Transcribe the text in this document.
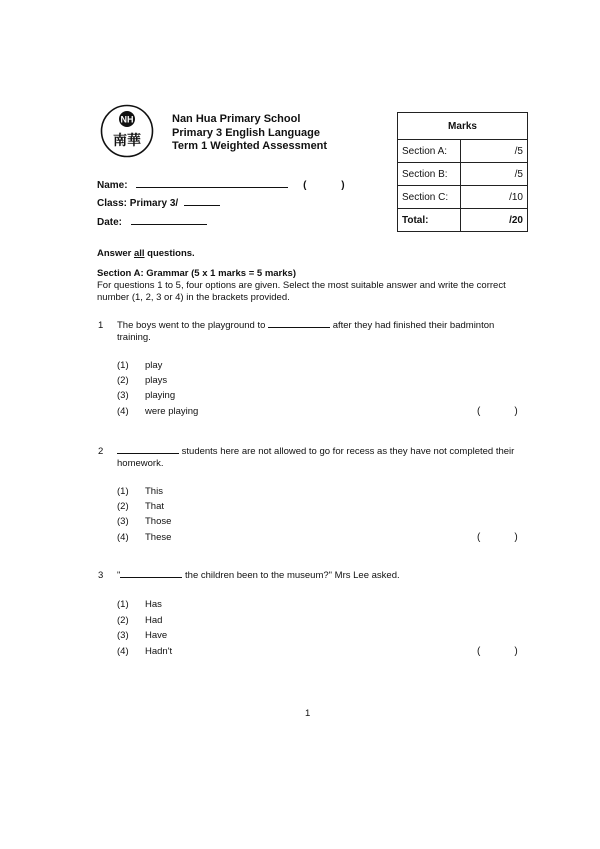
NH
南華
Nan Hua Primary School
Primary 3 English Language
Term 1 Weighted Assessment
Marks	
Section A:	/5
Section B:	/5
Section C:	/10
Total:	/20
Name:	(	)
Class: Primary 3/
Date:
Answer all questions.
Section A: Grammar (5 x 1 marks = 5 marks)
For questions 1 to 5, four options are given. Select the most suitable answer and write the correct number (1, 2, 3 or 4) in the brackets provided.
1 The boys went to the playground to	after they had finished their badminton training.
(1) play
(2) plays
(3) playing
(4) were playing	(	)
2	students here are not allowed to go for recess as they have not completed their homework.
(1) This
(2) That
(3) Those
(4) These	(	)
3 "	the children been to the museum?" Mrs Lee asked.
(1) Has
(2) Had
(3) Have
(4) Hadn't	(	)
1
